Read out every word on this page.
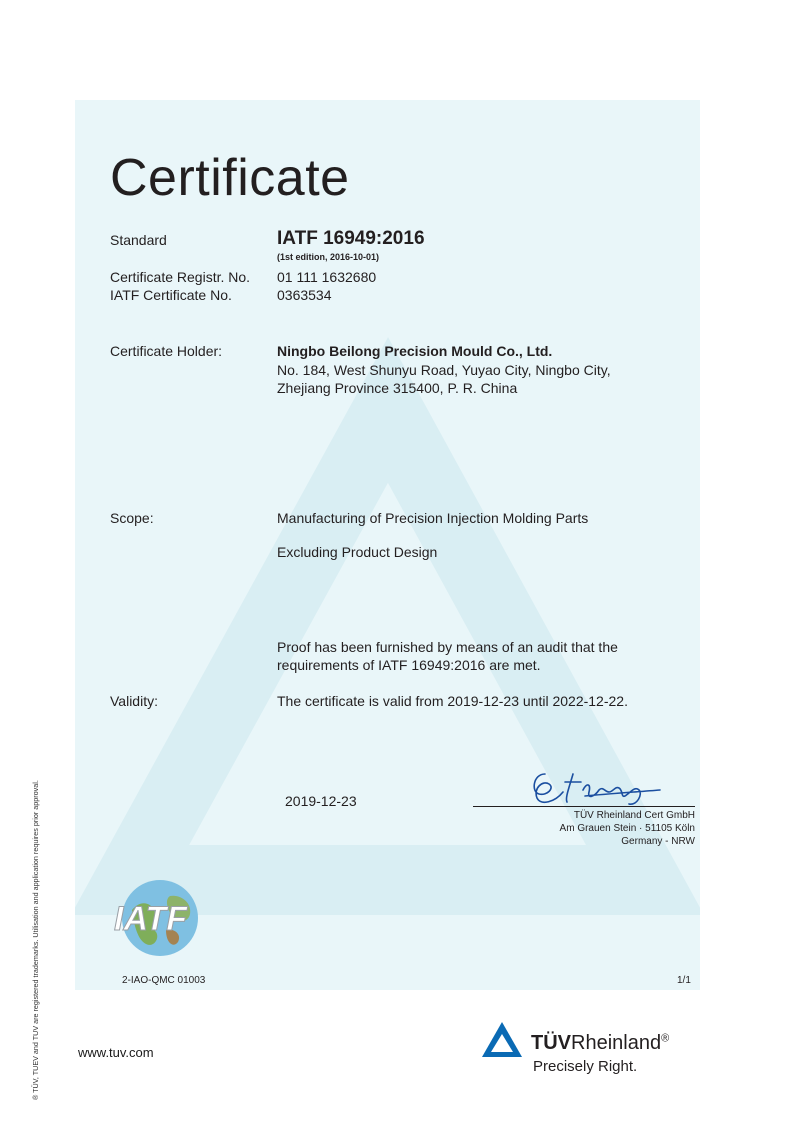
Certificate
Standard	IATF 16949:2016
(1st edition, 2016-10-01)
Certificate Registr. No. 01 111 1632680
IATF Certificate No.	0363534
Certificate Holder:	Ningbo Beilong Precision Mould Co., Ltd.
No. 184, West Shunyu Road, Yuyao City, Ningbo City,
Zhejiang Province 315400, P. R. China
Scope:	Manufacturing of Precision Injection Molding Parts
Excluding Product Design
Proof has been furnished by means of an audit that the
requirements of IATF 16949:2016 are met.
Validity:	The certificate is valid from 2019-12-23 until 2022-12-22.
2019-12-23
TÜV Rheinland Cert GmbH
Am Grauen Stein · 51105 Köln
Germany - NRW
IATF
2-IAO-QMC 01003	1/1
www.tuv.com	TÜVRheinland®
Precisely Right.
® TÜV, TUEV and TUV are registered trademarks. Utilisation and application requires prior approval.
